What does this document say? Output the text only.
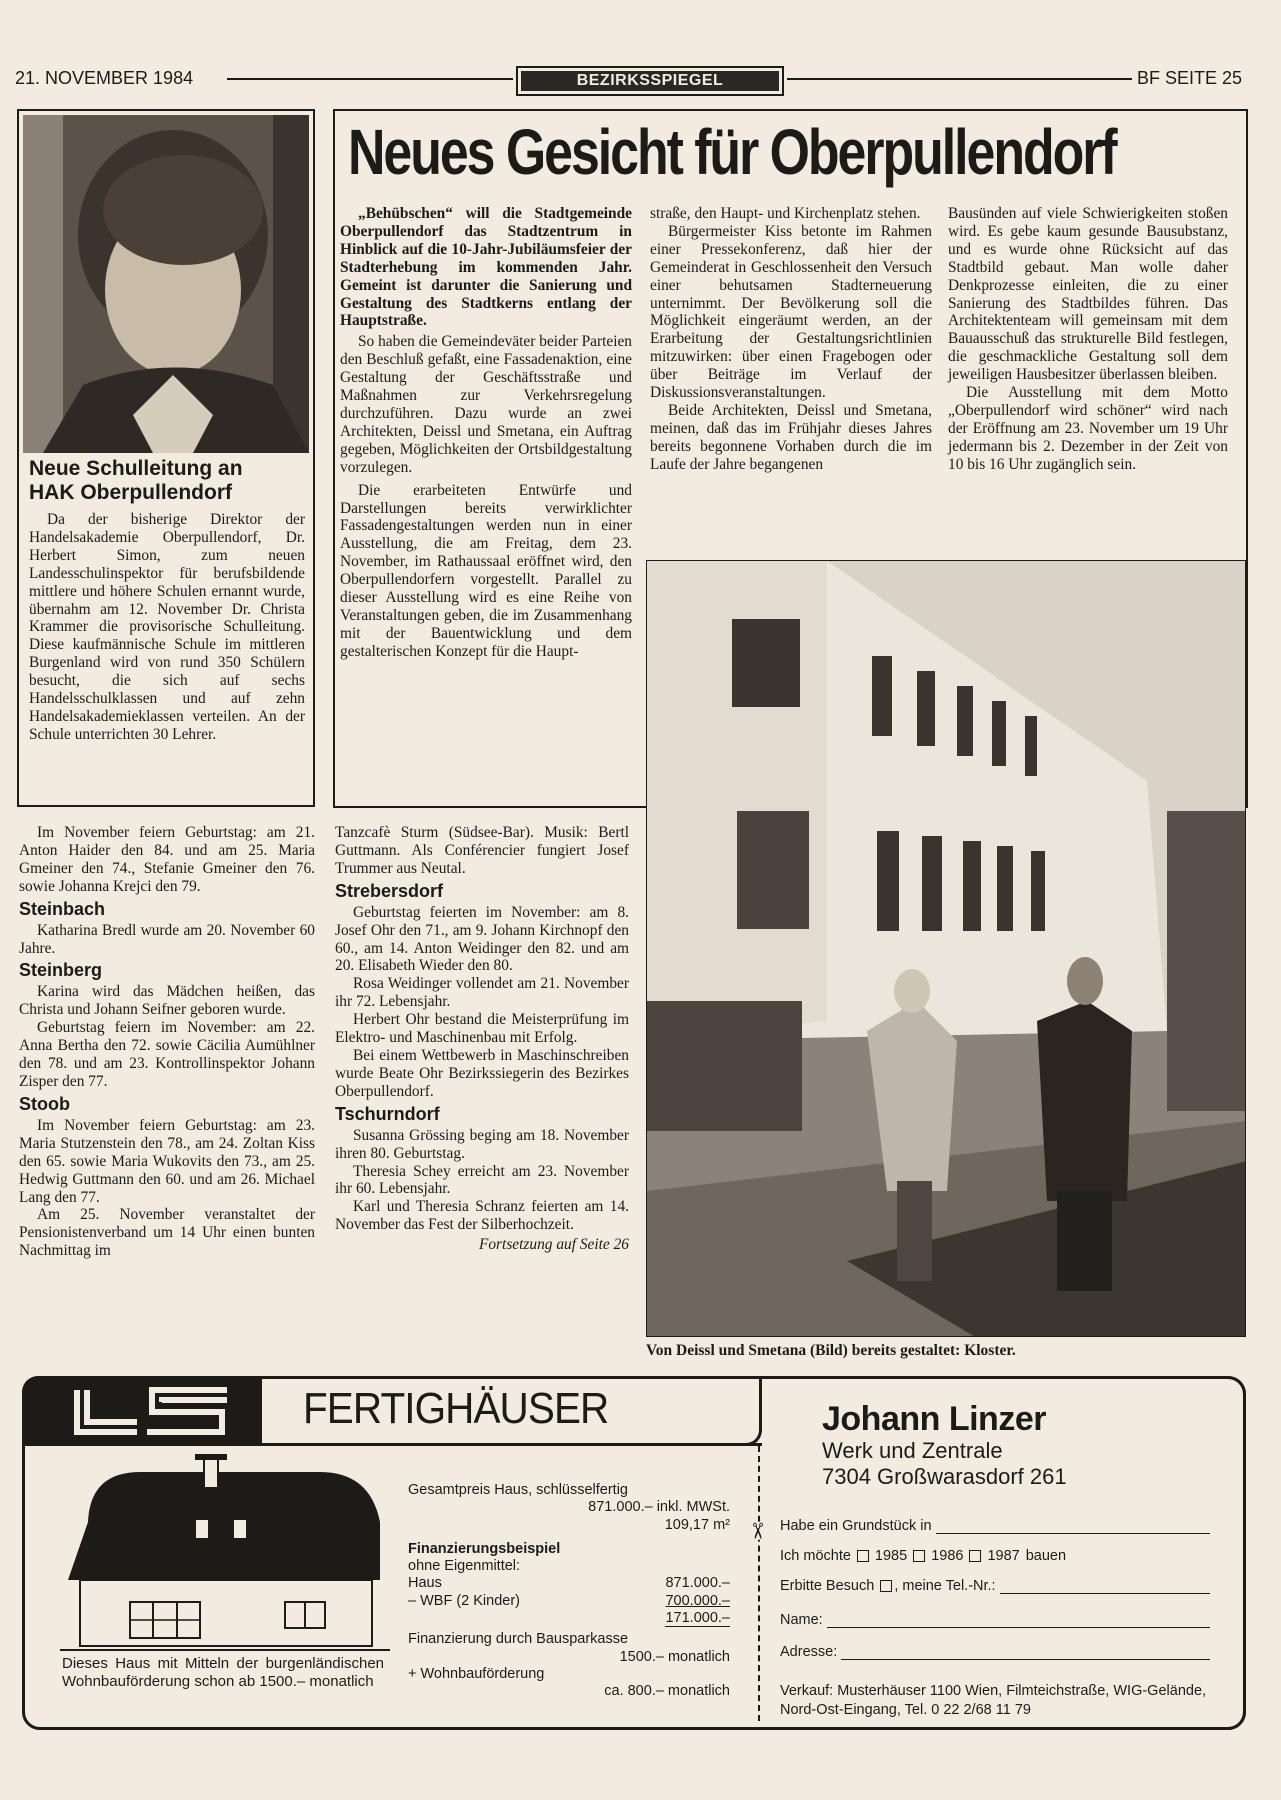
21. NOVEMBER 1984	BEZIRKSSPIEGEL	BF SEITE 25
Neue Schulleitung an
HAK Oberpullendorf

Da der bisherige Direktor der Handelsakademie Oberpullendorf, Dr. Herbert Simon, zum neuen Landesschulinspektor für berufsbildende mittlere und höhere Schulen ernannt wurde, übernahm am 12. November Dr. Christa Krammer die provisorische Schulleitung. Diese kaufmännische Schule im mittleren Burgenland wird von rund 350 Schülern besucht, die sich auf sechs Handelsschulklassen und auf zehn Handelsakademieklassen verteilen. An der Schule unterrichten 30 Lehrer.

Neues Gesicht für Oberpullendorf

„Behübschen“ will die Stadtgemeinde Oberpullendorf das Stadtzentrum in Hinblick auf die 10-Jahr-Jubiläumsfeier der Stadterhebung im kommenden Jahr. Gemeint ist darunter die Sanierung und Gestaltung des Stadtkerns entlang der Hauptstraße.

So haben die Gemeindeväter beider Parteien den Beschluß gefaßt, eine Fassadenaktion, eine Gestaltung der Geschäftsstraße und Maßnahmen zur Verkehrsregelung durchzuführen. Dazu wurde an zwei Architekten, Deissl und Smetana, ein Auftrag gegeben, Möglichkeiten der Ortsbildgestaltung vorzulegen.

Die erarbeiteten Entwürfe und Darstellungen bereits verwirklichter Fassadengestaltungen werden nun in einer Ausstellung, die am Freitag, dem 23. November, im Rathaussaal eröffnet wird, den Oberpullendorfern vorgestellt. Parallel zu dieser Ausstellung wird es eine Reihe von Veranstaltungen geben, die im Zusammenhang mit der Bauentwicklung und dem gestalterischen Konzept für die Haupt-

straße, den Haupt- und Kirchenplatz stehen.

Bürgermeister Kiss betonte im Rahmen einer Pressekonferenz, daß hier der Gemeinderat in Geschlossenheit den Versuch einer behutsamen Stadterneuerung unternimmt. Der Bevölkerung soll die Möglichkeit eingeräumt werden, an der Erarbeitung der Gestaltungsrichtlinien mitzuwirken: über einen Fragebogen oder über Beiträge im Verlauf der Diskussionsveranstaltungen.

Beide Architekten, Deissl und Smetana, meinen, daß das im Frühjahr dieses Jahres bereits begonnene Vorhaben durch die im Laufe der Jahre begangenen

Bausünden auf viele Schwierigkeiten stoßen wird. Es gebe kaum gesunde Bausubstanz, und es wurde ohne Rücksicht auf das Stadtbild gebaut. Man wolle daher Denkprozesse einleiten, die zu einer Sanierung des Stadtbildes führen. Das Architektenteam will gemeinsam mit dem Bauausschuß das strukturelle Bild festlegen, die geschmackliche Gestaltung soll dem jeweiligen Hausbesitzer überlassen bleiben.

Die Ausstellung mit dem Motto „Oberpullendorf wird schöner“ wird nach der Eröffnung am 23. November um 19 Uhr jedermann bis 2. Dezember in der Zeit von 10 bis 16 Uhr zugänglich sein.

Von Deissl und Smetana (Bild) bereits gestaltet: Kloster.

Im November feiern Geburtstag: am 21. Anton Haider den 84. und am 25. Maria Gmeiner den 74., Stefanie Gmeiner den 76. sowie Johanna Krejci den 79.

Steinbach

Katharina Bredl wurde am 20. November 60 Jahre.

Steinberg

Karina wird das Mädchen heißen, das Christa und Johann Seifner geboren wurde.

Geburtstag feiern im November: am 22. Anna Bertha den 72. sowie Cäcilia Aumühlner den 78. und am 23. Kontrollinspektor Johann Zisper den 77.

Stoob

Im November feiern Geburtstag: am 23. Maria Stutzenstein den 78., am 24. Zoltan Kiss den 65. sowie Maria Wukovits den 73., am 25. Hedwig Guttmann den 60. und am 26. Michael Lang den 77.

Am 25. November veranstaltet der Pensionistenverband um 14 Uhr einen bunten Nachmittag im

Tanzcafè Sturm (Südsee-Bar). Musik: Bertl Guttmann. Als Conférencier fungiert Josef Trummer aus Neutal.

Strebersdorf

Geburtstag feierten im November: am 8. Josef Ohr den 71., am 9. Johann Kirchnopf den 60., am 14. Anton Weidinger den 82. und am 20. Elisabeth Wieder den 80.

Rosa Weidinger vollendet am 21. November ihr 72. Lebensjahr.

Herbert Ohr bestand die Meisterprüfung im Elektro- und Maschinenbau mit Erfolg.

Bei einem Wettbewerb in Maschinschreiben wurde Beate Ohr Bezirkssiegerin des Bezirkes Oberpullendorf.

Tschurndorf

Susanna Grössing beging am 18. November ihren 80. Geburtstag.

Theresia Schey erreicht am 23. November ihr 60. Lebensjahr.

Karl und Theresia Schranz feierten am 14. November das Fest der Silberhochzeit.

Fortsetzung auf Seite 26
FERTIGHÄUSER
Dieses Haus mit Mitteln der burgenländischen Wohnbauförderung schon ab 1500.– monatlich
Gesamtpreis Haus, schlüsselfertig
871.000.– inkl. MWSt.
109,17 m²
Finanzierungsbeispiel
ohne Eigenmittel:
Haus	871.000.–
– WBF (2 Kinder)	700.000.–
171.000.–
Finanzierung durch Bausparkasse
1500.– monatlich
+ Wohnbauförderung
ca. 800.– monatlich
✂
Johann Linzer
Werk und Zentrale
7304 Großwarasdorf 261
Habe ein Grundstück in
Ich möchte 1985 1986 1987 bauen
Erbitte Besuch , meine Tel.-Nr.:
Name:
Adresse:
Verkauf: Musterhäuser 1100 Wien, Filmteichstraße, WIG-Gelände, Nord-Ost-Eingang, Tel. 0 22 2/68 11 79
